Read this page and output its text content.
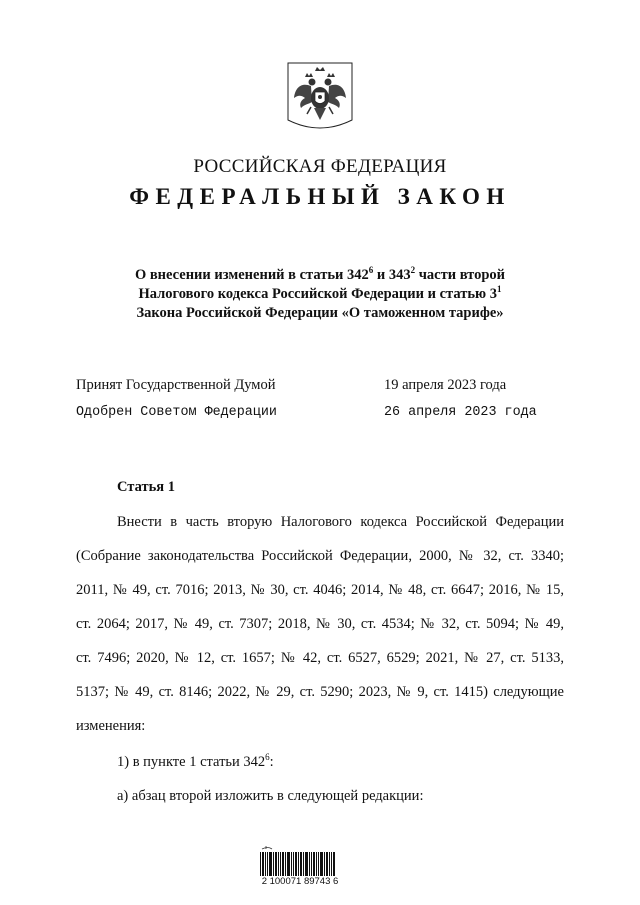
РОССИЙСКАЯ ФЕДЕРАЦИЯ
ФЕДЕРАЛЬНЫЙ ЗАКОН
О внесении изменений в статьи $342^6$ и $343^2$ части второй
Налогового кодекса Российской Федерации и статью $3^1$
Закона Российской Федерации «О таможенном тарифе»
Принят Государственной Думой	19 апреля 2023 года
Одобрен Советом Федерации	26 апреля 2023 года
Статья 1
Внести в часть вторую Налогового кодекса Российской Федерации
(Собрание законодательства Российской Федерации, 2000, № 32, ст. 3340;
2011, № 49, ст. 7016; 2013, № 30, ст. 4046; 2014, № 48, ст. 6647; 2016, № 15,
ст. 2064; 2017, № 49, ст. 7307; 2018, № 30, ст. 4534; № 32, ст. 5094; № 49,
ст. 7496; 2020, № 12, ст. 1657; № 42, ст. 6527, 6529; 2021, № 27, ст. 5133,
5137; № 49, ст. 8146; 2022, № 29, ст. 5290; 2023, № 9, ст. 1415) следующие
изменения:
1) в пункте 1 статьи $342^6$:
а) абзац второй изложить в следующей редакции:
2 100071 89743 6
